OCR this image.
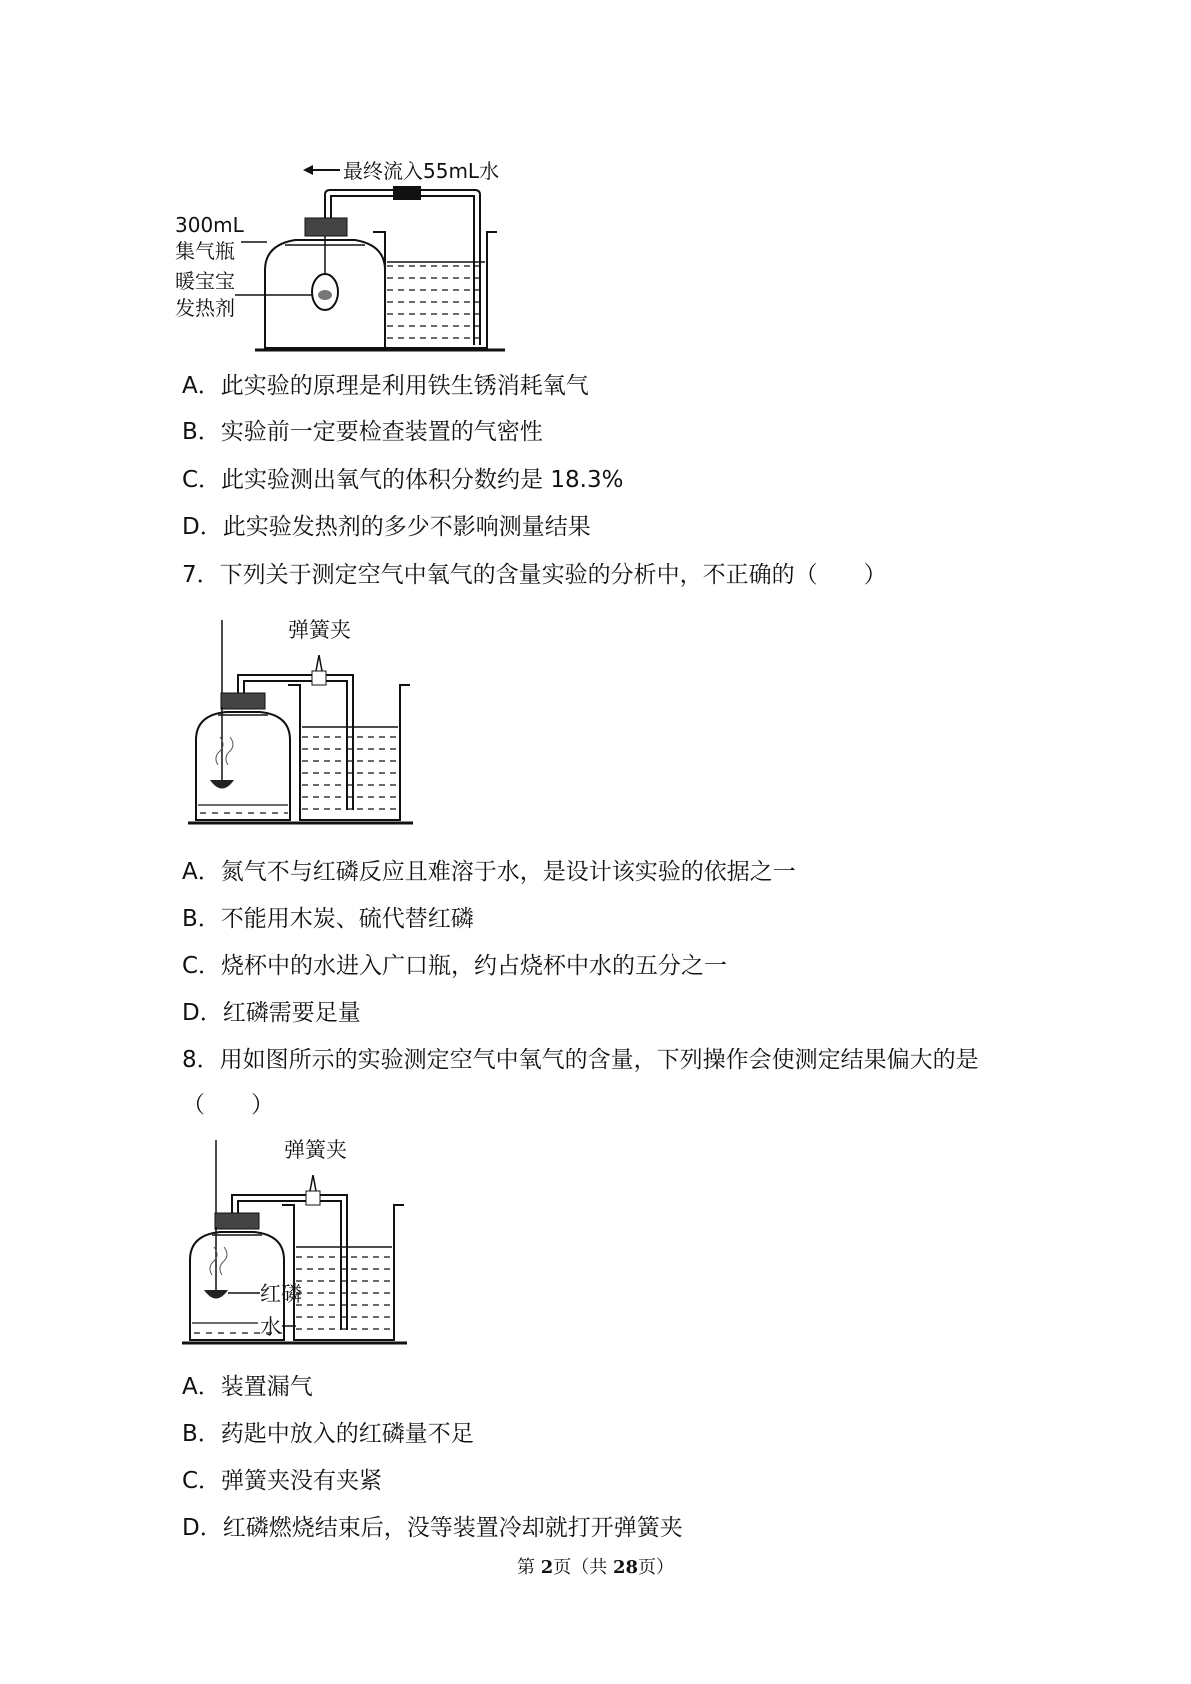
最终流入55mL水
300mL
集气瓶
暖宝宝
发热剂
A．此实验的原理是利用铁生锈消耗氧气
B．实验前一定要检查装置的气密性
C．此实验测出氧气的体积分数约是 18.3%
D．此实验发热剂的多少不影响测量结果
7．下列关于测定空气中氧气的含量实验的分析中，不正确的（　　）
弹簧夹
A．氮气不与红磷反应且难溶于水，是设计该实验的依据之一
B．不能用木炭、硫代替红磷
C．烧杯中的水进入广口瓶，约占烧杯中水的五分之一
D．红磷需要足量
8．用如图所示的实验测定空气中氧气的含量，下列操作会使测定结果偏大的是
（　　）
弹簧夹
红磷
水
A．装置漏气
B．药匙中放入的红磷量不足
C．弹簧夹没有夹紧
D．红磷燃烧结束后，没等装置冷却就打开弹簧夹
第 2页（共 28页）
